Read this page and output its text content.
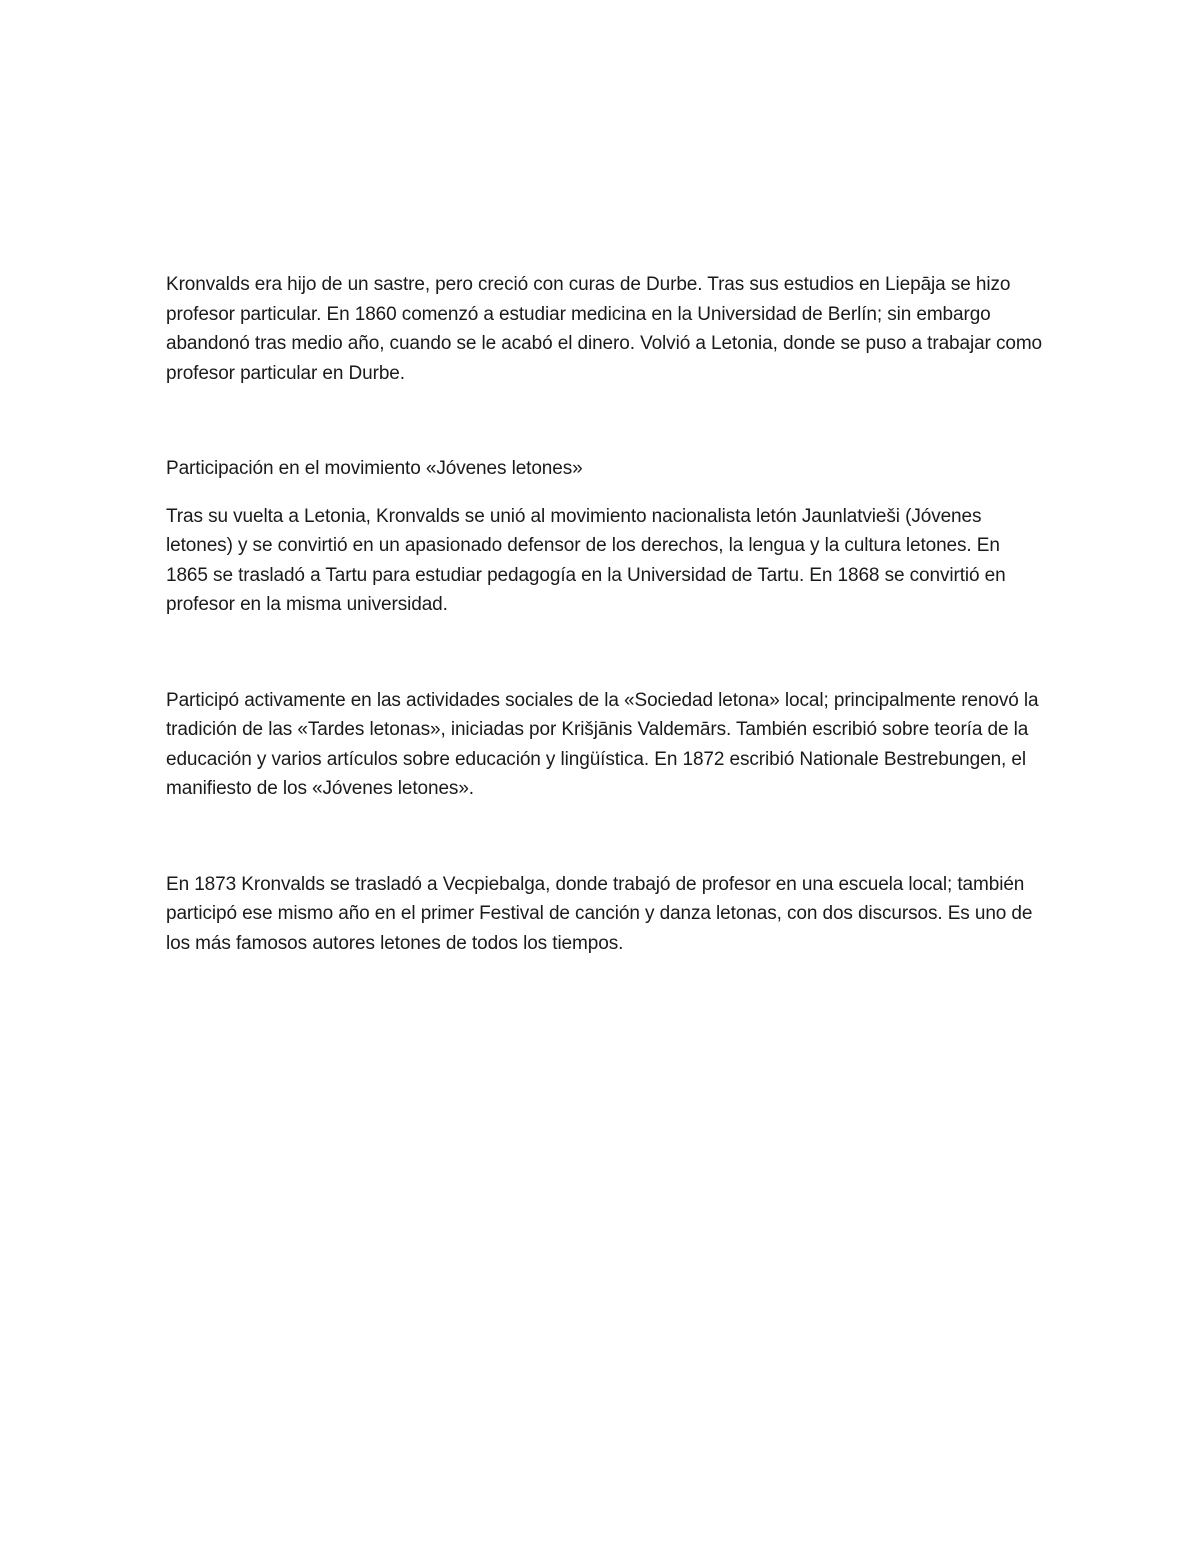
Kronvalds era hijo de un sastre, pero creció con curas de Durbe. Tras sus estudios en Liepāja se hizo profesor particular. En 1860 comenzó a estudiar medicina en la Universidad de Berlín; sin embargo abandonó tras medio año, cuando se le acabó el dinero. Volvió a Letonia, donde se puso a trabajar como profesor particular en Durbe.

Participación en el movimiento «Jóvenes letones»

Tras su vuelta a Letonia, Kronvalds se unió al movimiento nacionalista letón Jaunlatvieši (Jóvenes letones) y se convirtió en un apasionado defensor de los derechos, la lengua y la cultura letones. En 1865 se trasladó a Tartu para estudiar pedagogía en la Universidad de Tartu. En 1868 se convirtió en profesor en la misma universidad.

Participó activamente en las actividades sociales de la «Sociedad letona» local; principalmente renovó la tradición de las «Tardes letonas», iniciadas por Krišjānis Valdemārs. También escribió sobre teoría de la educación y varios artículos sobre educación y lingüística. En 1872 escribió Nationale Bestrebungen, el manifiesto de los «Jóvenes letones».

En 1873 Kronvalds se trasladó a Vecpiebalga, donde trabajó de profesor en una escuela local; también participó ese mismo año en el primer Festival de canción y danza letonas, con dos discursos. Es uno de los más famosos autores letones de todos los tiempos.
